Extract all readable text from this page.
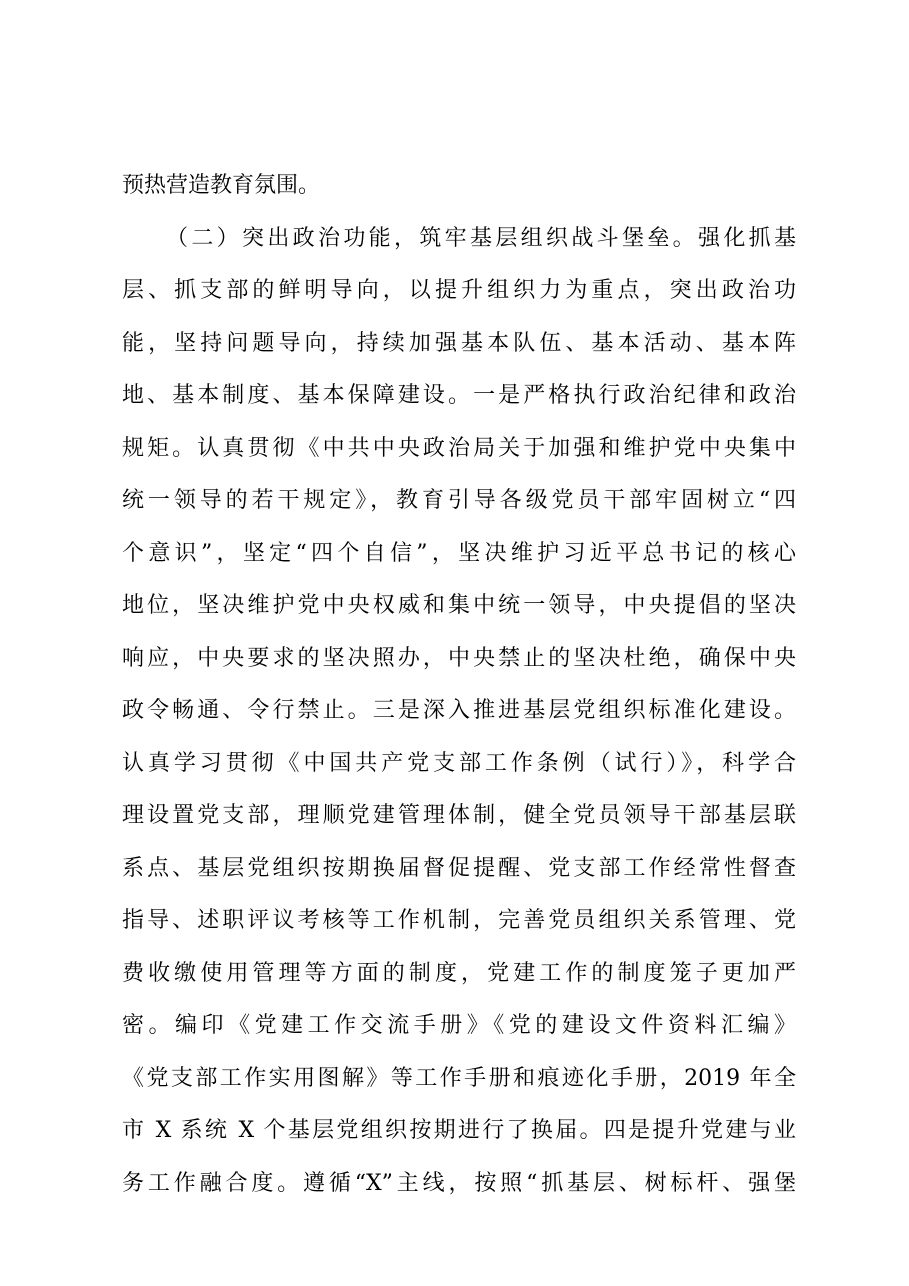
预热营造教育氛围。
（二）突出政治功能，筑牢基层组织战斗堡垒。强化抓基
层、抓支部的鲜明导向，以提升组织力为重点，突出政治功
能，坚持问题导向，持续加强基本队伍、基本活动、基本阵
地、基本制度、基本保障建设。一是严格执行政治纪律和政治
规矩。认真贯彻《中共中央政治局关于加强和维护党中央集中
统一领导的若干规定》，教育引导各级党员干部牢固树立“四
个意识”，坚定“四个自信”，坚决维护习近平总书记的核心
地位，坚决维护党中央权威和集中统一领导，中央提倡的坚决
响应，中央要求的坚决照办，中央禁止的坚决杜绝，确保中央
政令畅通、令行禁止。三是深入推进基层党组织标准化建设。
认真学习贯彻《中国共产党支部工作条例（试行）》，科学合
理设置党支部，理顺党建管理体制，健全党员领导干部基层联
系点、基层党组织按期换届督促提醒、党支部工作经常性督查
指导、述职评议考核等工作机制，完善党员组织关系管理、党
费收缴使用管理等方面的制度，党建工作的制度笼子更加严
密。编印《党建工作交流手册》《党的建设文件资料汇编》
《党支部工作实用图解》等工作手册和痕迹化手册，2019 年全
市 X 系统 X 个基层党组织按期进行了换届。四是提升党建与业
务工作融合度。遵循“X”主线，按照“抓基层、树标杆、强堡
